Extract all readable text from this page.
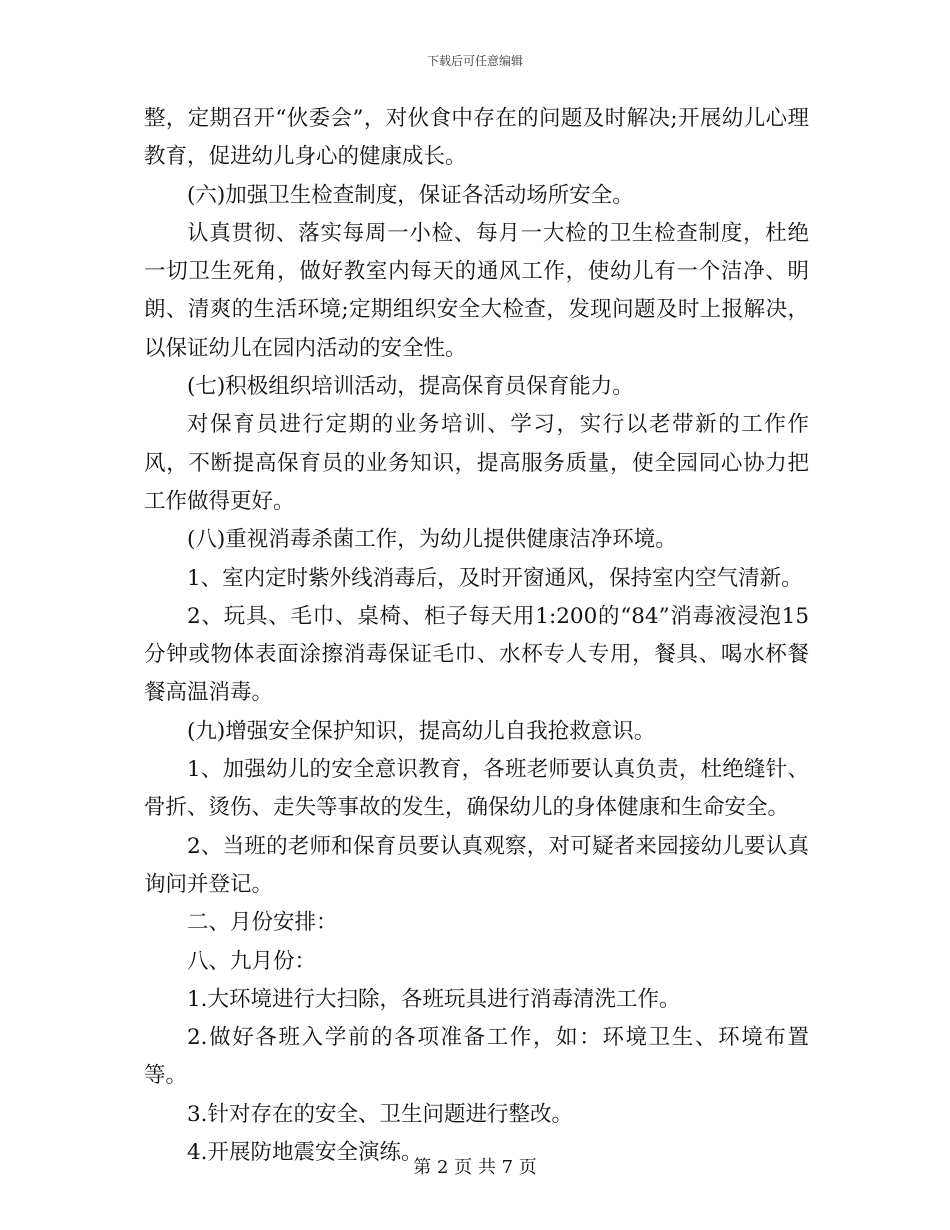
下载后可任意编辑

整，定期召开“伙委会”，对伙食中存在的问题及时解决;开展幼儿心理教育，促进幼儿身心的健康成长。

(六)加强卫生检查制度，保证各活动场所安全。

认真贯彻、落实每周一小检、每月一大检的卫生检查制度，杜绝一切卫生死角，做好教室内每天的通风工作，使幼儿有一个洁净、明朗、清爽的生活环境;定期组织安全大检查，发现问题及时上报解决，以保证幼儿在园内活动的安全性。

(七)积极组织培训活动，提高保育员保育能力。

对保育员进行定期的业务培训、学习，实行以老带新的工作作风，不断提高保育员的业务知识，提高服务质量，使全园同心协力把工作做得更好。

(八)重视消毒杀菌工作，为幼儿提供健康洁净环境。

1、室内定时紫外线消毒后，及时开窗通风，保持室内空气清新。

2、玩具、毛巾、桌椅、柜子每天用1:200的“84”消毒液浸泡15分钟或物体表面涂擦消毒保证毛巾、水杯专人专用，餐具、喝水杯餐餐高温消毒。

(九)增强安全保护知识，提高幼儿自我抢救意识。

1、加强幼儿的安全意识教育，各班老师要认真负责，杜绝缝针、骨折、烫伤、走失等事故的发生，确保幼儿的身体健康和生命安全。

2、当班的老师和保育员要认真观察，对可疑者来园接幼儿要认真询问并登记。

二、月份安排：

八、九月份：

1.大环境进行大扫除，各班玩具进行消毒清洗工作。

2.做好各班入学前的各项准备工作，如：环境卫生、环境布置等。

3.针对存在的安全、卫生问题进行整改。

4.开展防地震安全演练。

第 2 页 共 7 页
